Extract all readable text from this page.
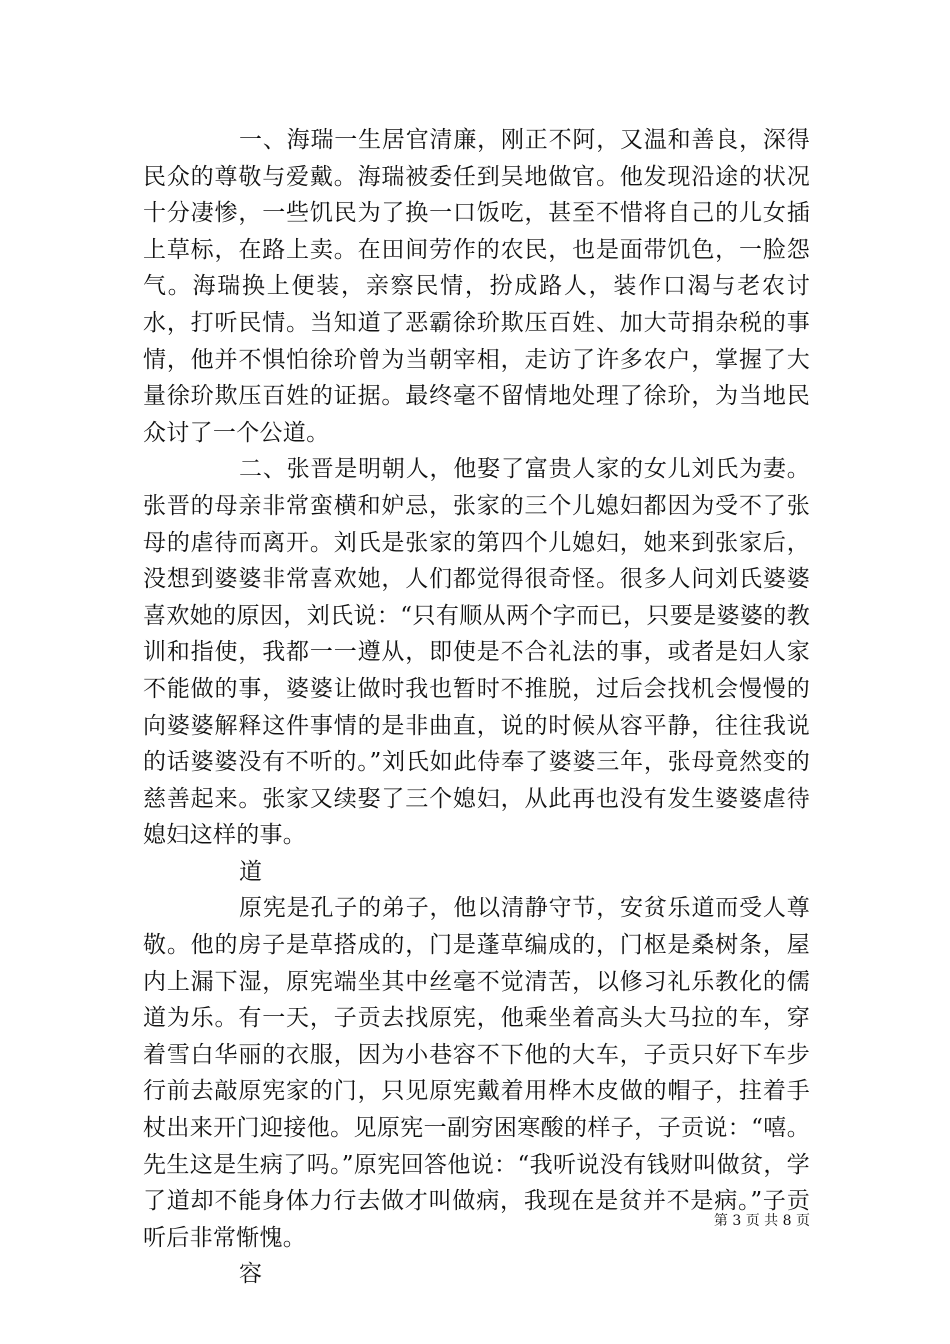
一、海瑞一生居官清廉，刚正不阿，又温和善良，深得民众的尊敬与爱戴。海瑞被委任到吴地做官。他发现沿途的状况十分凄惨，一些饥民为了换一口饭吃，甚至不惜将自己的儿女插上草标，在路上卖。在田间劳作的农民，也是面带饥色，一脸怨气。海瑞换上便装，亲察民情，扮成路人，装作口渴与老农讨水，打听民情。当知道了恶霸徐玠欺压百姓、加大苛捐杂税的事情，他并不惧怕徐玠曾为当朝宰相，走访了许多农户，掌握了大量徐玠欺压百姓的证据。最终毫不留情地处理了徐玠，为当地民众讨了一个公道。

二、张晋是明朝人，他娶了富贵人家的女儿刘氏为妻。张晋的母亲非常蛮横和妒忌，张家的三个儿媳妇都因为受不了张母的虐待而离开。刘氏是张家的第四个儿媳妇，她来到张家后，没想到婆婆非常喜欢她，人们都觉得很奇怪。很多人问刘氏婆婆喜欢她的原因，刘氏说：“只有顺从两个字而已，只要是婆婆的教训和指使，我都一一遵从，即使是不合礼法的事，或者是妇人家不能做的事，婆婆让做时我也暂时不推脱，过后会找机会慢慢的向婆婆解释这件事情的是非曲直，说的时候从容平静，往往我说的话婆婆没有不听的。”刘氏如此侍奉了婆婆三年，张母竟然变的慈善起来。张家又续娶了三个媳妇，从此再也没有发生婆婆虐待媳妇这样的事。

道

原宪是孔子的弟子，他以清静守节，安贫乐道而受人尊敬。他的房子是草搭成的，门是蓬草编成的，门枢是桑树条，屋内上漏下湿，原宪端坐其中丝毫不觉清苦，以修习礼乐教化的儒道为乐。有一天，子贡去找原宪，他乘坐着高头大马拉的车，穿着雪白华丽的衣服，因为小巷容不下他的大车，子贡只好下车步行前去敲原宪家的门，只见原宪戴着用桦木皮做的帽子，拄着手杖出来开门迎接他。见原宪一副穷困寒酸的样子，子贡说：“嘻。先生这是生病了吗。”原宪回答他说：“我听说没有钱财叫做贫，学了道却不能身体力行去做才叫做病，我现在是贫并不是病。”子贡听后非常惭愧。

容

第 3 页 共 8 页
